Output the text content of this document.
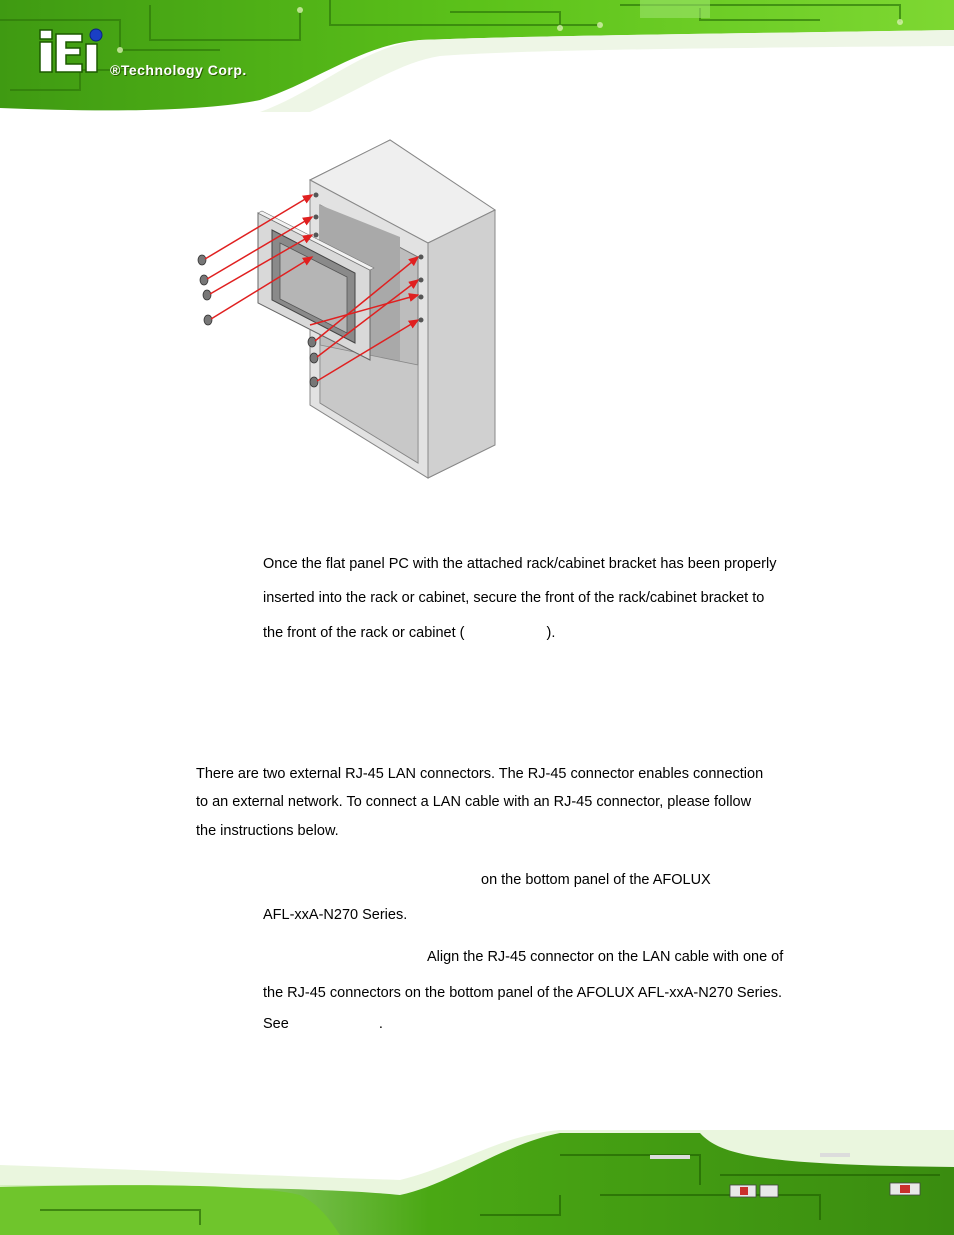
®Technology Corp.
Once the flat panel PC with the attached rack/cabinet bracket has been properly
inserted into the rack or cabinet, secure the front of the rack/cabinet bracket to
the front of the rack or cabinet (	).
There are two external RJ-45 LAN connectors. The RJ-45 connector enables connection
to an external network. To connect a LAN cable with an RJ-45 connector, please follow
the instructions below.
on the bottom panel of the AFOLUX
AFL-xxA-N270 Series.
Align the RJ-45 connector on the LAN cable with one of
the RJ-45 connectors on the bottom panel of the AFOLUX AFL-xxA-N270 Series.
See	.
